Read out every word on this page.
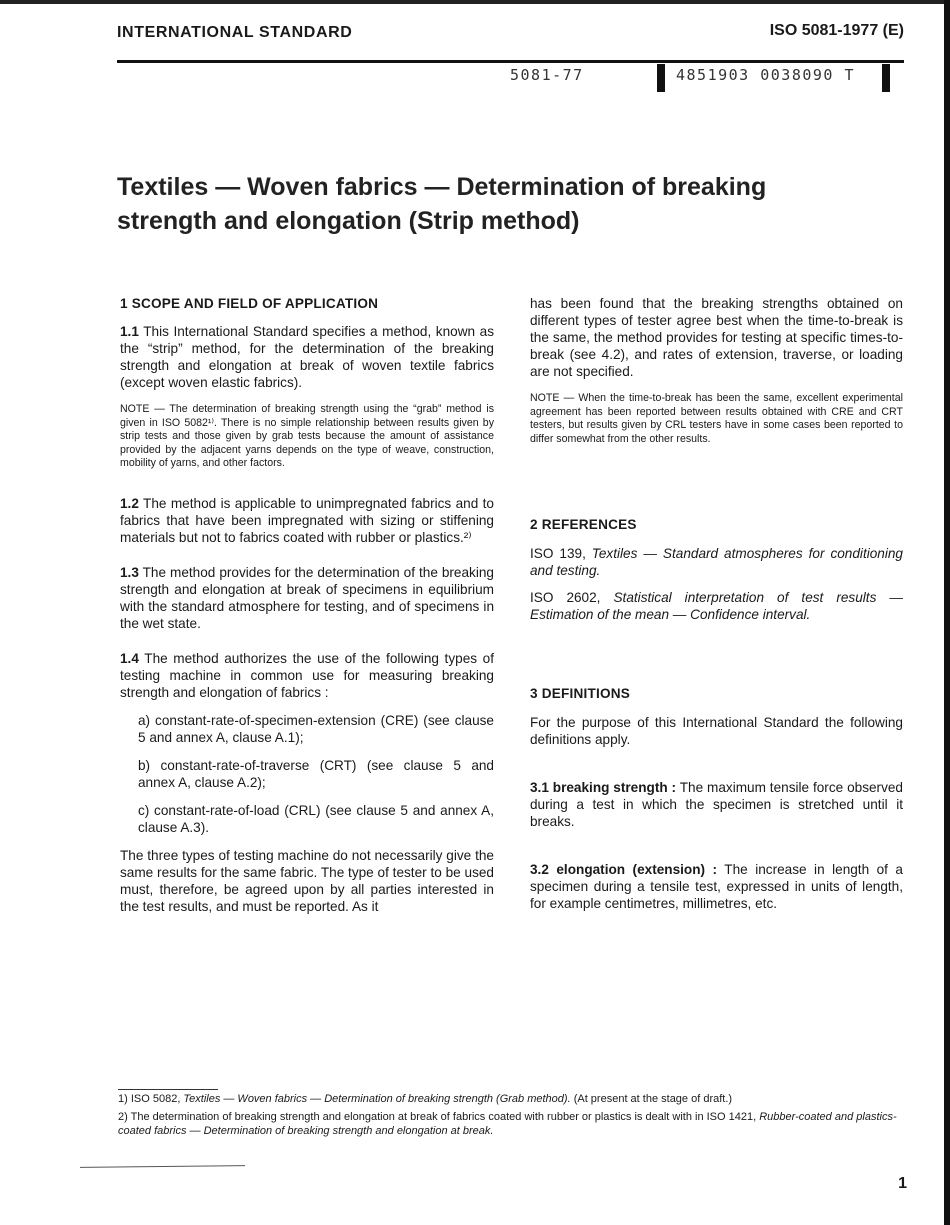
INTERNATIONAL STANDARD	ISO 5081-1977 (E)
5081-77	4851903 0038090 T
Textiles — Woven fabrics — Determination of breaking
strength and elongation (Strip method)

1 SCOPE AND FIELD OF APPLICATION

1.1 This International Standard specifies a method, known as the “strip” method, for the determination of the breaking strength and elongation at break of woven textile fabrics (except woven elastic fabrics).

NOTE — The determination of breaking strength using the “grab” method is given in ISO 5082¹⁾. There is no simple relationship between results given by strip tests and those given by grab tests because the amount of assistance provided by the adjacent yarns depends on the type of weave, construction, mobility of yarns, and other factors.

1.2 The method is applicable to unimpregnated fabrics and to fabrics that have been impregnated with sizing or stiffening materials but not to fabrics coated with rubber or plastics.²⁾

1.3 The method provides for the determination of the breaking strength and elongation at break of specimens in equilibrium with the standard atmosphere for testing, and of specimens in the wet state.

1.4 The method authorizes the use of the following types of testing machine in common use for measuring breaking strength and elongation of fabrics :

a) constant-rate-of-specimen-extension (CRE) (see clause 5 and annex A, clause A.1);

b) constant-rate-of-traverse (CRT) (see clause 5 and annex A, clause A.2);

c) constant-rate-of-load (CRL) (see clause 5 and annex A, clause A.3).

The three types of testing machine do not necessarily give the same results for the same fabric. The type of tester to be used must, therefore, be agreed upon by all parties interested in the test results, and must be reported. As it

has been found that the breaking strengths obtained on different types of tester agree best when the time-to-break is the same, the method provides for testing at specific times-to-break (see 4.2), and rates of extension, traverse, or loading are not specified.

NOTE — When the time-to-break has been the same, excellent experimental agreement has been reported between results obtained with CRE and CRT testers, but results given by CRL testers have in some cases been reported to differ somewhat from the other results.

2 REFERENCES

ISO 139, Textiles — Standard atmospheres for conditioning and testing.

ISO 2602, Statistical interpretation of test results — Estimation of the mean — Confidence interval.

3 DEFINITIONS

For the purpose of this International Standard the following definitions apply.

3.1 breaking strength : The maximum tensile force observed during a test in which the specimen is stretched until it breaks.

3.2 elongation (extension) : The increase in length of a specimen during a tensile test, expressed in units of length, for example centimetres, millimetres, etc.

1) ISO 5082, Textiles — Woven fabrics — Determination of breaking strength (Grab method). (At present at the stage of draft.)

2) The determination of breaking strength and elongation at break of fabrics coated with rubber or plastics is dealt with in ISO 1421, Rubber-coated and plastics-coated fabrics — Determination of breaking strength and elongation at break.

1
